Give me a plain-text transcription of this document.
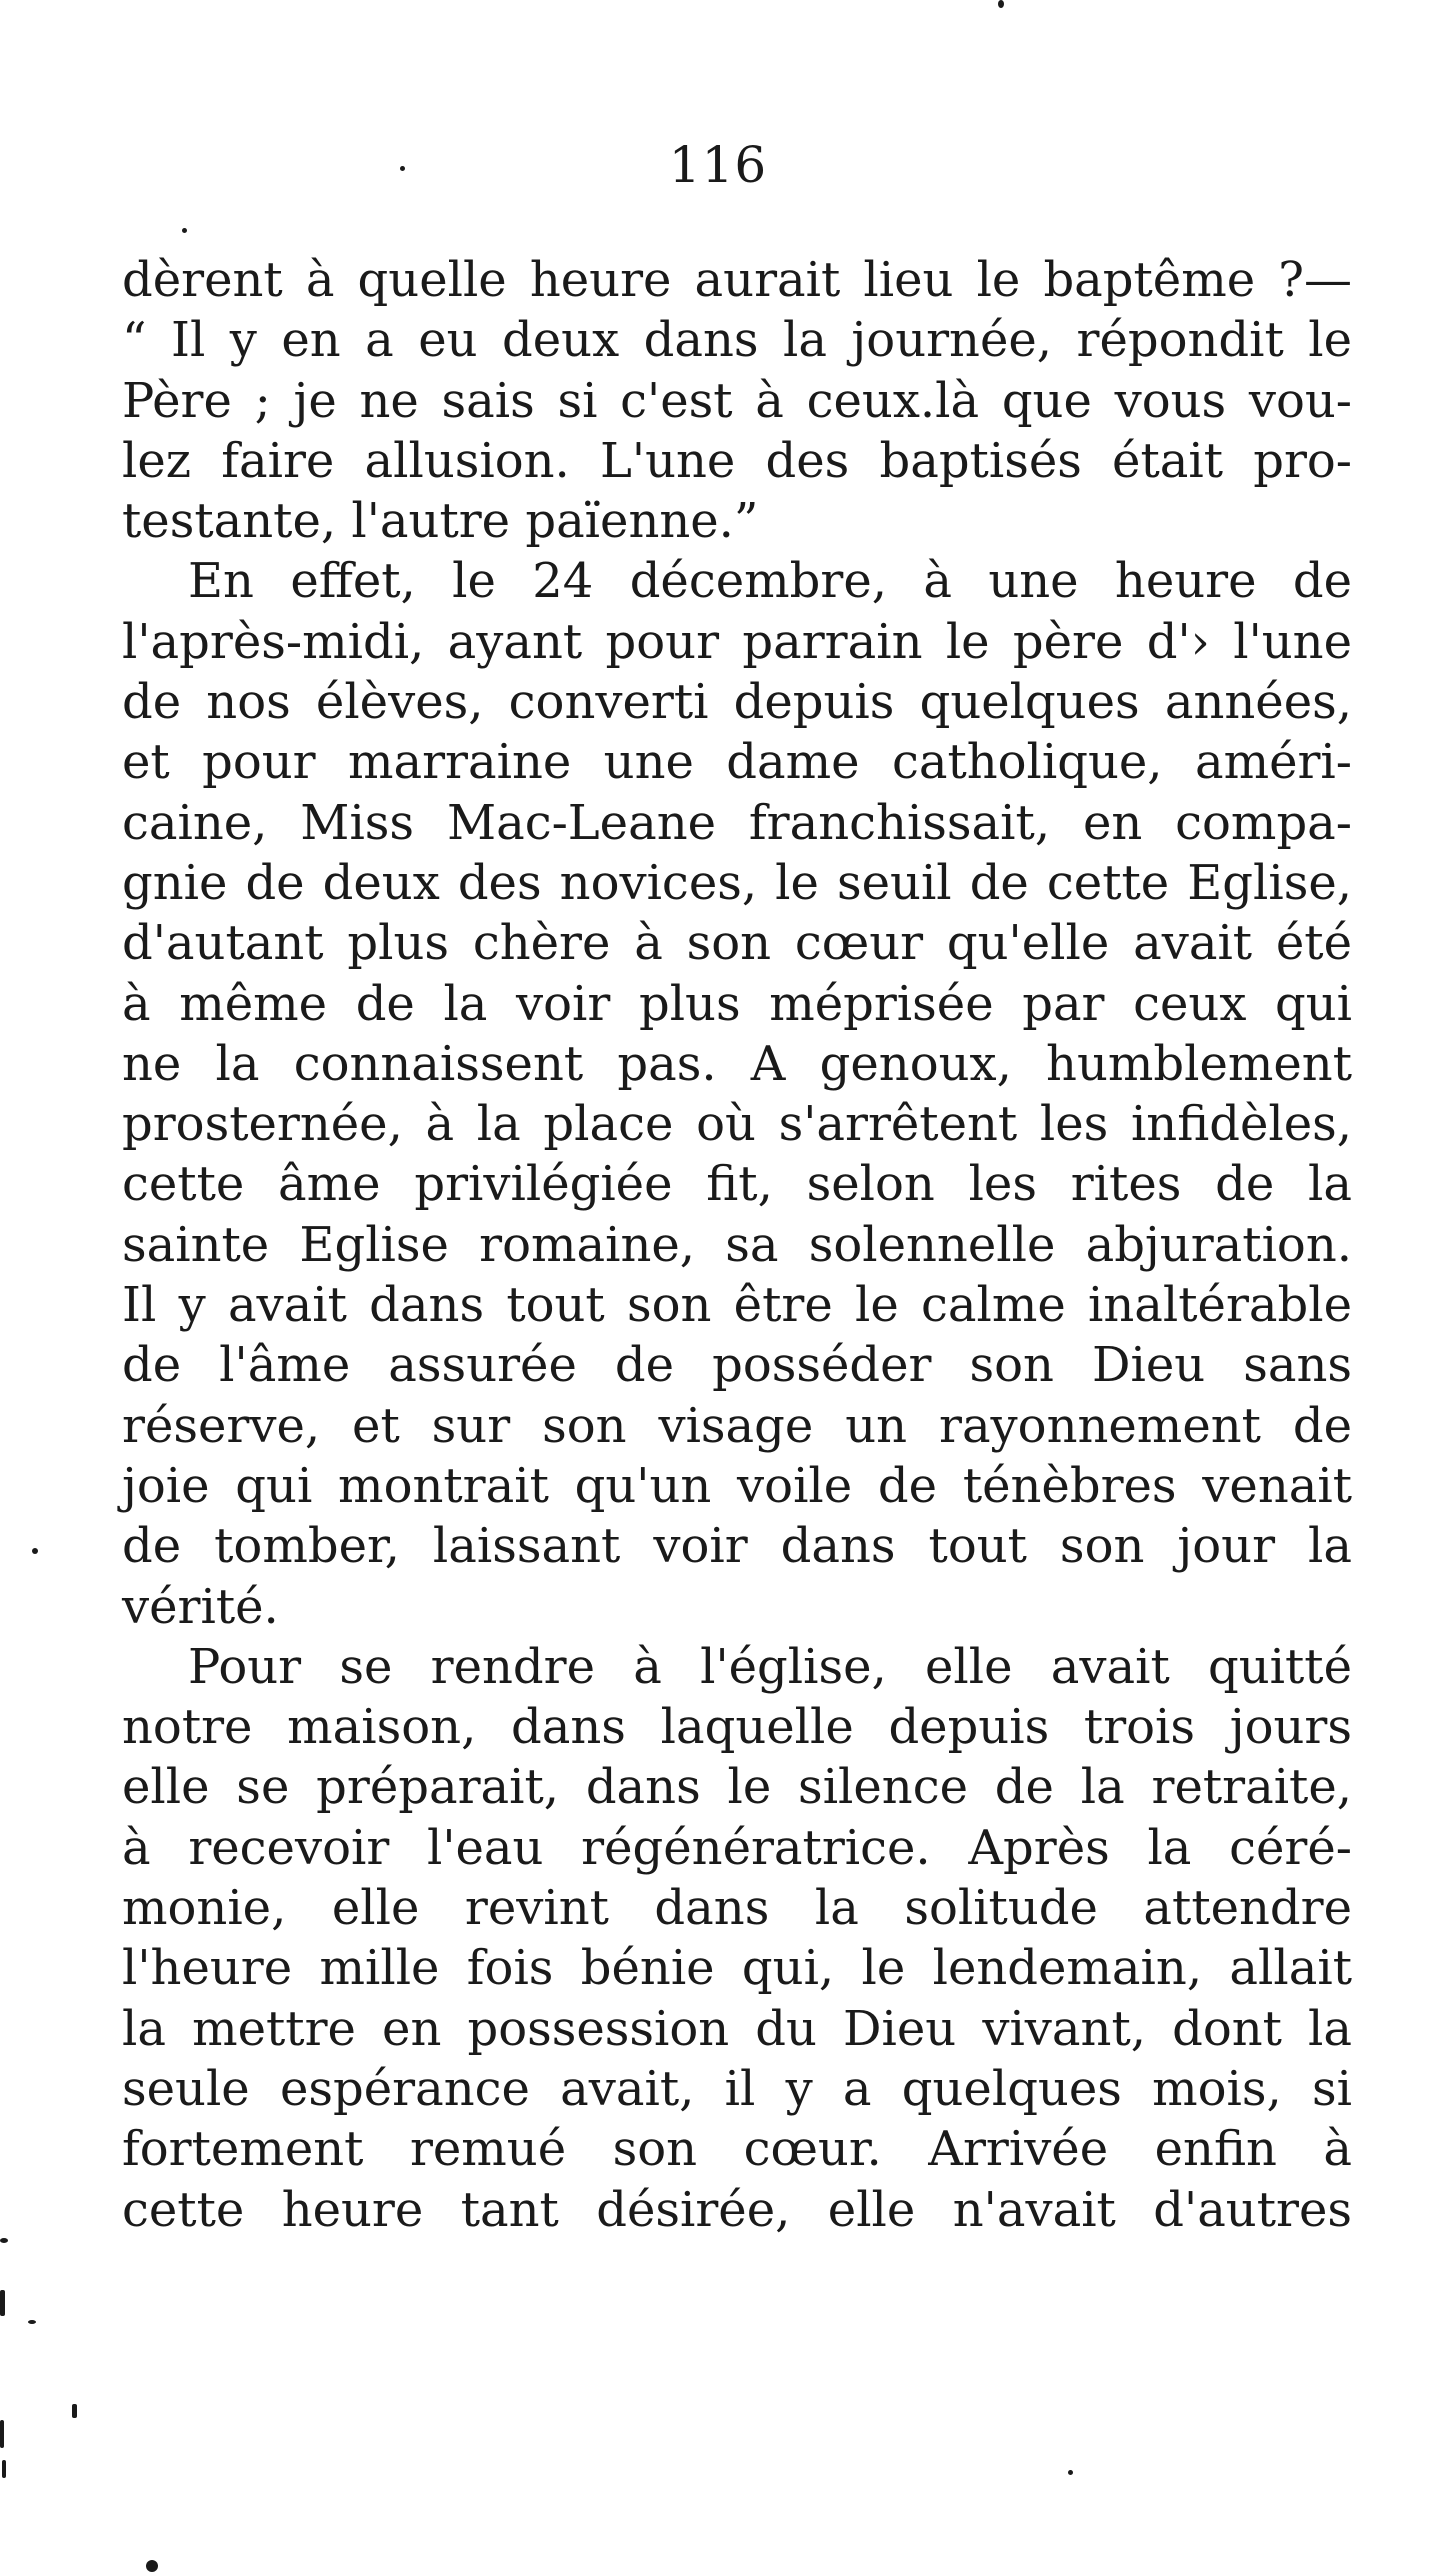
116
dèrent à quelle heure aurait lieu le baptême ?—
“ Il y en a eu deux dans la journée, répondit le
Père ; je ne sais si c'est à ceux.là que vous vou-
lez faire allusion. L'une des baptisés était pro-
testante, l'autre païenne.”
En effet, le 24 décembre, à une heure de
l'après-midi, ayant pour parrain le père d'› l'une
de nos élèves, converti depuis quelques années,
et pour marraine une dame catholique, améri-
caine, Miss Mac-Leane franchissait, en compa-
gnie de deux des novices, le seuil de cette Eglise,
d'autant plus chère à son cœur qu'elle avait été
à même de la voir plus méprisée par ceux qui
ne la connaissent pas. A genoux, humblement
prosternée, à la place où s'arrêtent les infidèles,
cette âme privilégiée fit, selon les rites de la
sainte Eglise romaine, sa solennelle abjuration.
Il y avait dans tout son être le calme inaltérable
de l'âme assurée de posséder son Dieu sans
réserve, et sur son visage un rayonnement de
joie qui montrait qu'un voile de ténèbres venait
de tomber, laissant voir dans tout son jour la
vérité.
Pour se rendre à l'église, elle avait quitté
notre maison, dans laquelle depuis trois jours
elle se préparait, dans le silence de la retraite,
à recevoir l'eau régénératrice. Après la céré-
monie, elle revint dans la solitude attendre
l'heure mille fois bénie qui, le lendemain, allait
la mettre en possession du Dieu vivant, dont la
seule espérance avait, il y a quelques mois, si
fortement remué son cœur. Arrivée enfin à
cette heure tant désirée, elle n'avait d'autres
